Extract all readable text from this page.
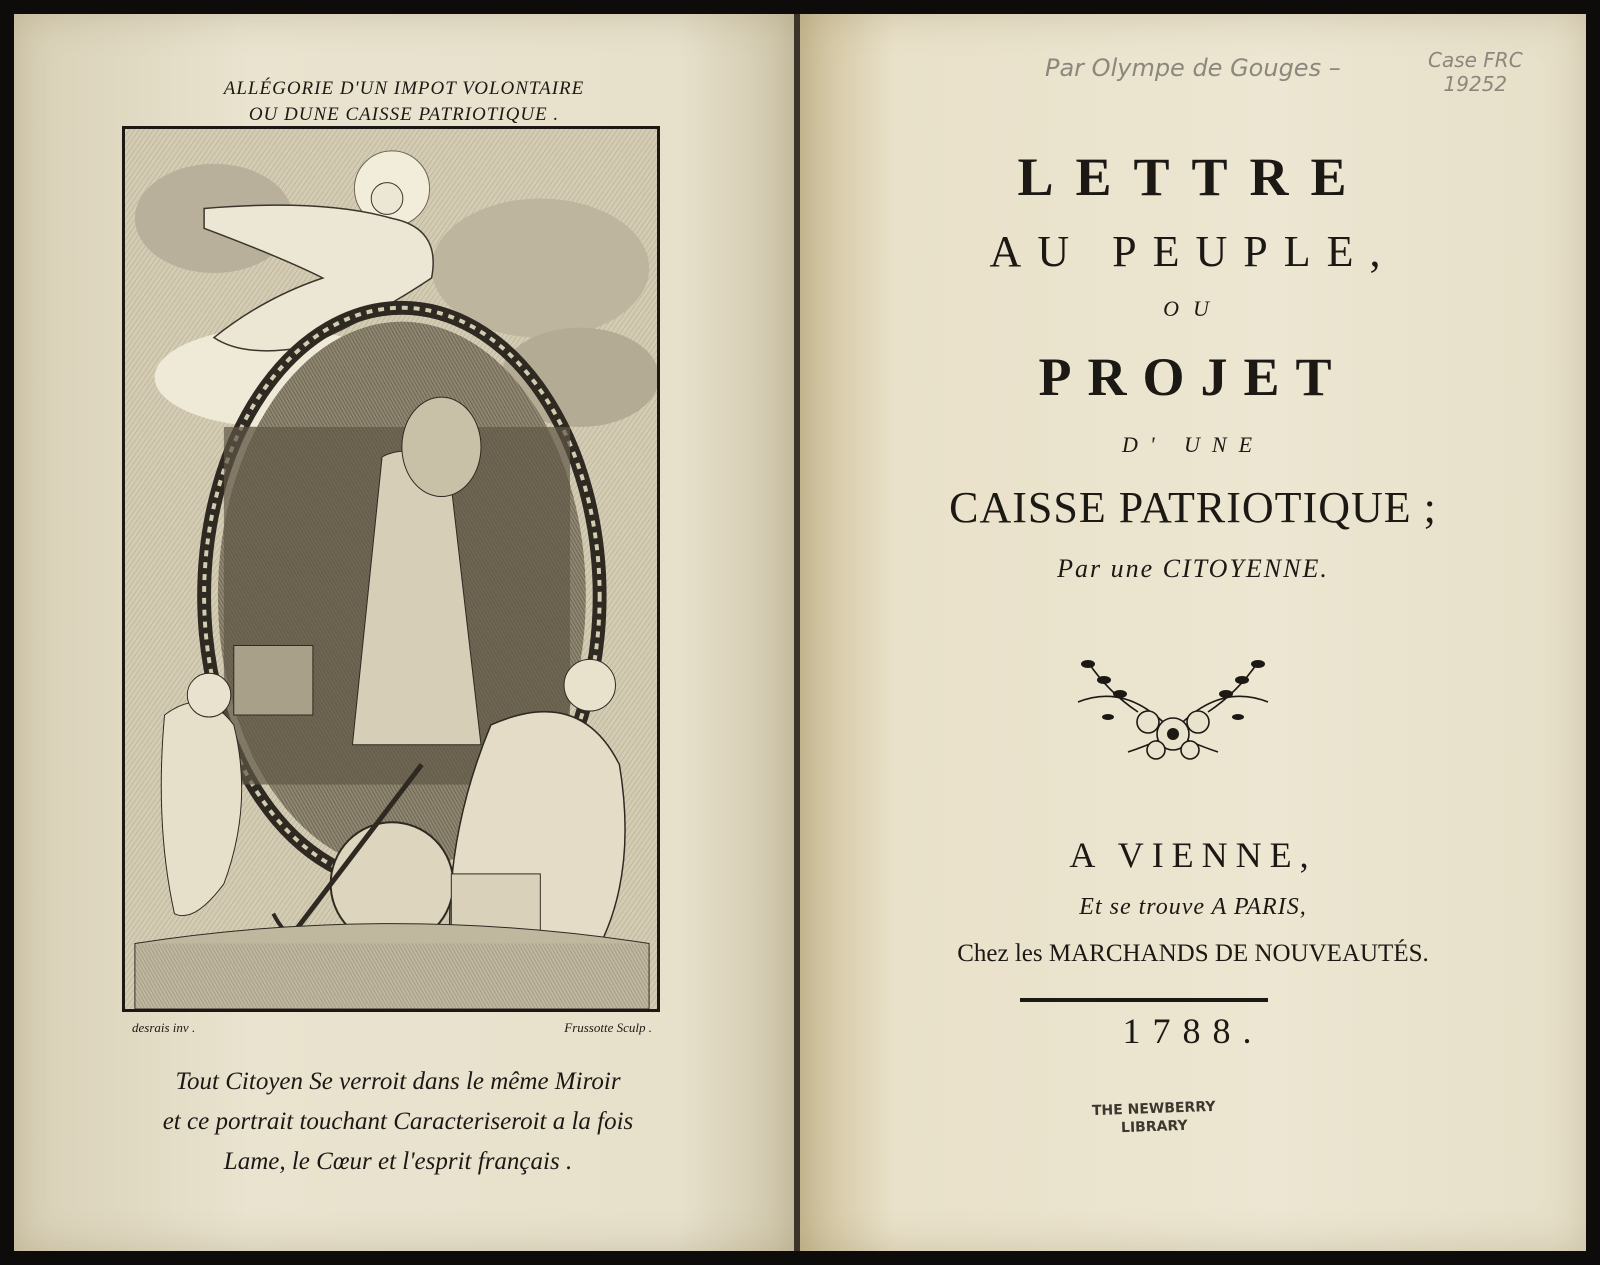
ALLÉGORIE D'UN IMPOT VOLONTAIRE
OU DUNE CAISSE PATRIOTIQUE .
desrais inv .	Frussotte Sculp .
Tout Citoyen Se verroit dans le même Miroir
et ce portrait touchant Caracteriseroit a la fois
Lame, le Cœur et l'esprit français .
Par Olympe de Gouges –	Case FRC
19252
LETTRE
AU PEUPLE,
OU
PROJET
D' UNE
CAISSE PATRIOTIQUE ;
Par une CITOYENNE.
A VIENNE,
Et se trouve A PARIS,
Chez les MARCHANDS DE NOUVEAUTÉS.
1788.
THE NEWBERRY
LIBRARY
